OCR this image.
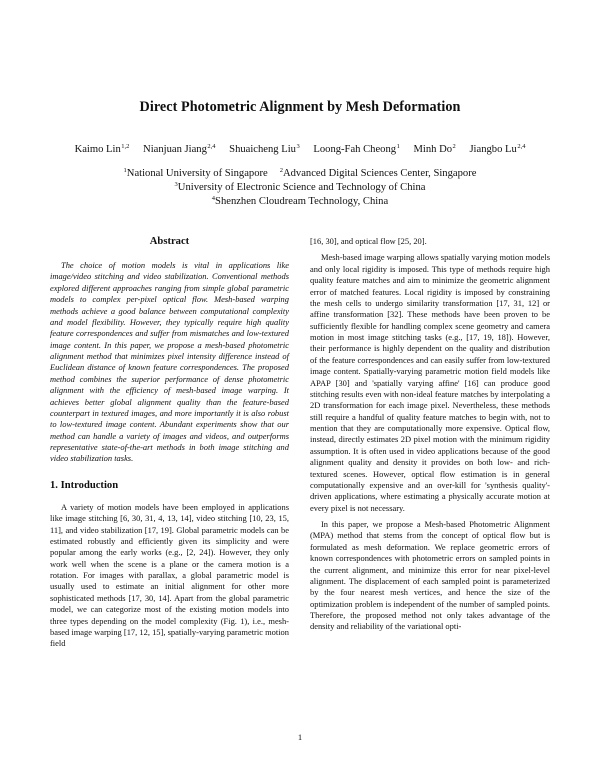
Direct Photometric Alignment by Mesh Deformation
Kaimo Lin$^{1,2}$ Nianjuan Jiang$^{2,4}$ Shuaicheng Liu$^3$ Loong-Fah Cheong$^1$ Minh Do$^2$ Jiangbo Lu$^{2,4}$
$^1$National University of Singapore $^2$Advanced Digital Sciences Center, Singapore
$^3$University of Electronic Science and Technology of China
$^4$Shenzhen Cloudream Technology, China
Abstract

The choice of motion models is vital in applications like image/video stitching and video stabilization. Conventional methods explored different approaches ranging from simple global parametric models to complex per-pixel optical flow. Mesh-based warping methods achieve a good balance between computational complexity and model flexibility. However, they typically require high quality feature correspondences and suffer from mismatches and low-textured image content. In this paper, we propose a mesh-based photometric alignment method that minimizes pixel intensity difference instead of Euclidean distance of known feature correspondences. The proposed method combines the superior performance of dense photometric alignment with the efficiency of mesh-based image warping. It achieves better global alignment quality than the feature-based counterpart in textured images, and more importantly it is also robust to low-textured image content. Abundant experiments show that our method can handle a variety of images and videos, and outperforms representative state-of-the-art methods in both image stitching and video stabilization tasks.

1. Introduction

A variety of motion models have been employed in applications like image stitching [6, 30, 31, 4, 13, 14], video stitching [10, 23, 15, 11], and video stabilization [17, 19]. Global parametric models can be estimated robustly and efficiently given its simplicity and were popular among the early works (e.g., [2, 24]). However, they only work well when the scene is a plane or the camera motion is a rotation. For images with parallax, a global parametric model is usually used to estimate an initial alignment for other more sophisticated methods [17, 30, 14]. Apart from the global parametric model, we can categorize most of the existing motion models into three types depending on the model complexity (Fig. 1), i.e., mesh-based image warping [17, 12, 15], spatially-varying parametric motion field

[16, 30], and optical flow [25, 20].

Mesh-based image warping allows spatially varying motion models and only local rigidity is imposed. This type of methods require high quality feature matches and aim to minimize the geometric alignment error of matched features. Local rigidity is imposed by constraining the mesh cells to undergo similarity transformation [17, 31, 12] or affine transformation [32]. These methods have been proven to be sufficiently flexible for handling complex scene geometry and camera motion in most image stitching tasks (e.g., [17, 19, 18]). However, their performance is highly dependent on the quality and distribution of the feature correspondences and can easily suffer from low-textured image content. Spatially-varying parametric motion field models like APAP [30] and 'spatially varying affine' [16] can produce good stitching results even with non-ideal feature matches by interpolating a 2D transformation for each image pixel. Nevertheless, these methods still require a handful of quality feature matches to begin with, not to mention that they are computationally more expensive. Optical flow, instead, directly estimates 2D pixel motion with the minimum rigidity assumption. It is often used in video applications because of the good alignment quality and density it provides on both low- and rich-textured scenes. However, optical flow estimation is in general computationally expensive and an over-kill for 'synthesis quality'-driven applications, where estimating a physically accurate motion at every pixel is not necessary.

In this paper, we propose a Mesh-based Photometric Alignment (MPA) method that stems from the concept of optical flow but is formulated as mesh deformation. We replace geometric errors of known correspondences with photometric errors on sampled points in the current alignment, and minimize this error for near pixel-level alignment. The displacement of each sampled point is parameterized by the four nearest mesh vertices, and hence the size of the optimization problem is independent of the number of sampled points. Therefore, the proposed method not only takes advantage of the density and reliability of the variational opti-

1
